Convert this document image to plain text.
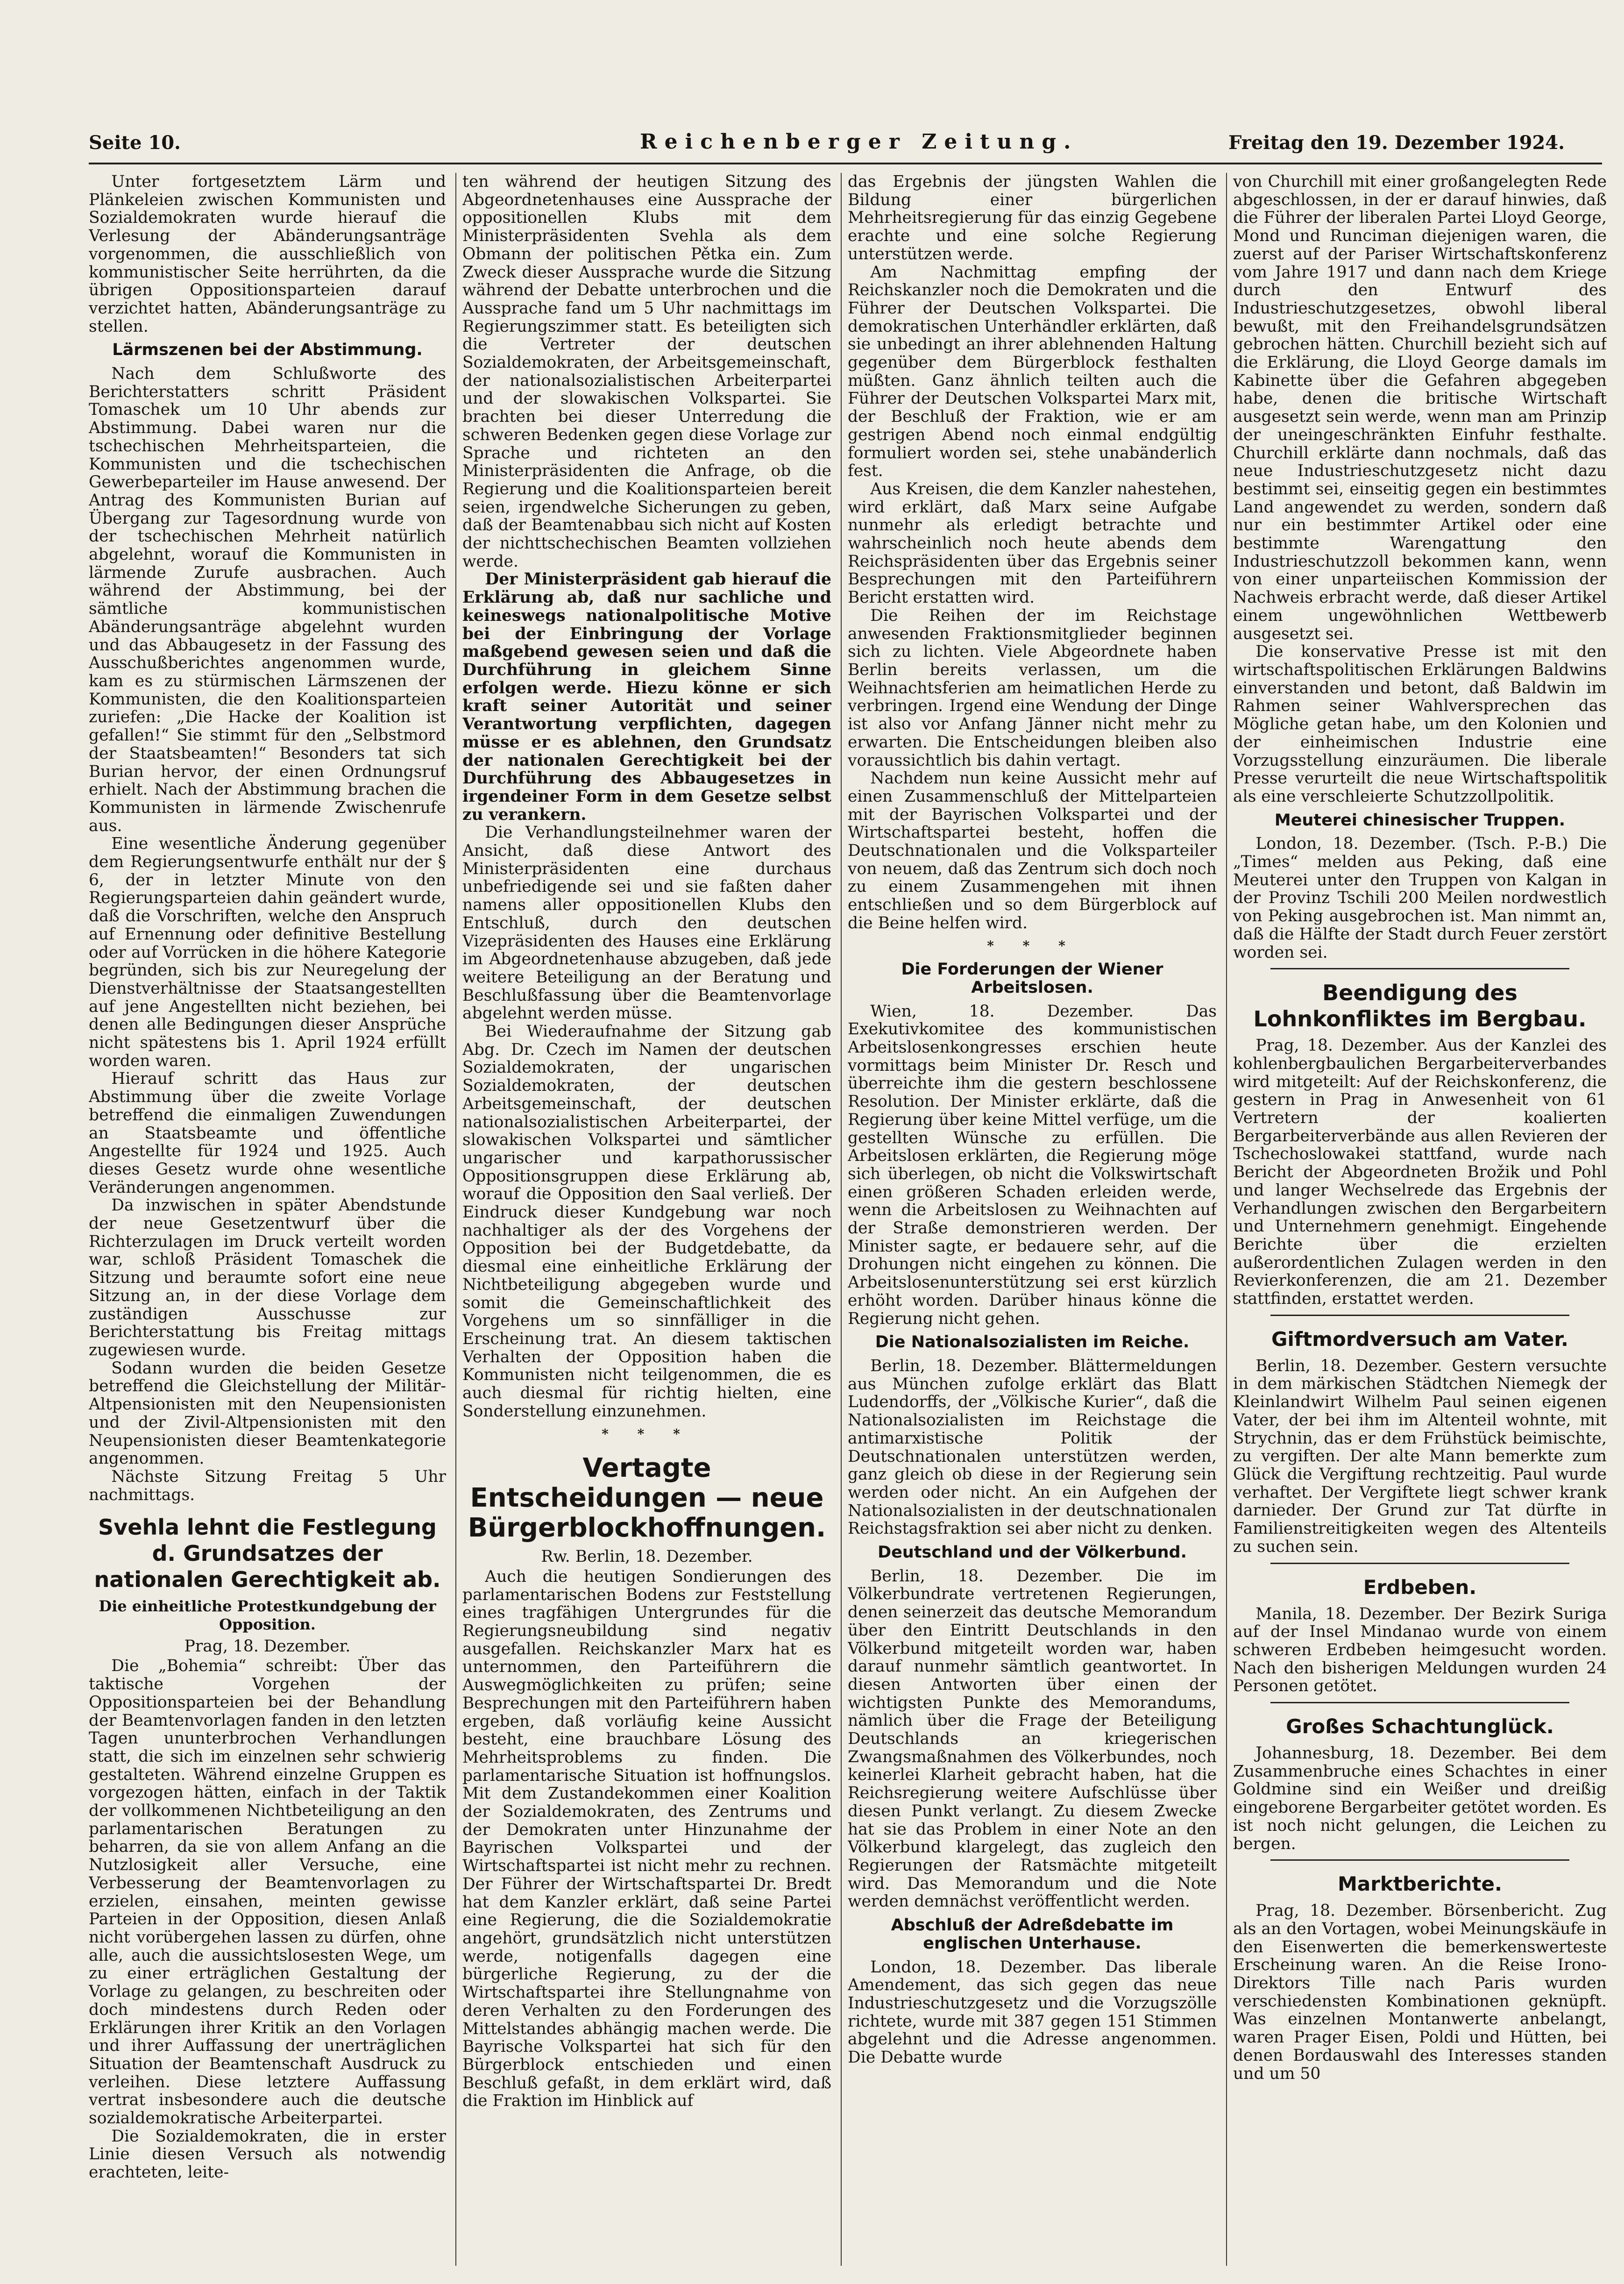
Seite 10.	Reichenberger Zeitung.	Freitag den 19. Dezember 1924.

Unter fortgesetztem Lärm und Plänkeleien zwischen Kommunisten und Sozialdemokraten wurde hierauf die Verlesung der Abänderungsanträge vorgenommen, die ausschließlich von kommunistischer Seite herrührten, da die übrigen Oppositionsparteien darauf verzichtet hatten, Abänderungsanträge zu stellen.

Lärmszenen bei der Abstimmung.

Nach dem Schlußworte des Berichterstatters schritt Präsident Tomaschek um 10 Uhr abends zur Abstimmung. Dabei waren nur die tschechischen Mehrheitsparteien, die Kommunisten und die tschechischen Gewerbeparteiler im Hause anwesend. Der Antrag des Kommunisten Burian auf Übergang zur Tagesordnung wurde von der tschechischen Mehrheit natürlich abgelehnt, worauf die Kommunisten in lärmende Zurufe ausbrachen. Auch während der Abstimmung, bei der sämtliche kommunistischen Abänderungsanträge abgelehnt wurden und das Abbaugesetz in der Fassung des Ausschußberichtes angenommen wurde, kam es zu stürmischen Lärmszenen der Kommunisten, die den Koalitionsparteien zuriefen: „Die Hacke der Koalition ist gefallen!“ Sie stimmt für den „Selbstmord der Staatsbeamten!“ Besonders tat sich Burian hervor, der einen Ordnungsruf erhielt. Nach der Abstimmung brachen die Kommunisten in lärmende Zwischenrufe aus.

Eine wesentliche Änderung gegenüber dem Regierungsentwurfe enthält nur der § 6, der in letzter Minute von den Regierungsparteien dahin geändert wurde, daß die Vorschriften, welche den Anspruch auf Ernennung oder definitive Bestellung oder auf Vorrücken in die höhere Kategorie begründen, sich bis zur Neuregelung der Dienstverhältnisse der Staatsangestellten auf jene Angestellten nicht beziehen, bei denen alle Bedingungen dieser Ansprüche nicht spätestens bis 1. April 1924 erfüllt worden waren.

Hierauf schritt das Haus zur Abstimmung über die zweite Vorlage betreffend die einmaligen Zuwendungen an Staatsbeamte und öffentliche Angestellte für 1924 und 1925. Auch dieses Gesetz wurde ohne wesentliche Veränderungen angenommen.

Da inzwischen in später Abendstunde der neue Gesetzentwurf über die Richterzulagen im Druck verteilt worden war, schloß Präsident Tomaschek die Sitzung und beraumte sofort eine neue Sitzung an, in der diese Vorlage dem zuständigen Ausschusse zur Berichterstattung bis Freitag mittags zugewiesen wurde.

Sodann wurden die beiden Gesetze betreffend die Gleichstellung der Militär-Altpensionisten mit den Neupensionisten und der Zivil-Altpensionisten mit den Neupensionisten dieser Beamtenkategorie angenommen.

Nächste Sitzung Freitag 5 Uhr nachmittags.

Svehla lehnt die Festlegung d. Grundsatzes der nationalen Gerechtigkeit ab.
Die einheitliche Protestkundgebung der Opposition.
Prag, 18. Dezember.

Die „Bohemia“ schreibt: Über das taktische Vorgehen der Oppositionsparteien bei der Behandlung der Beamtenvorlagen fanden in den letzten Tagen ununterbrochen Verhandlungen statt, die sich im einzelnen sehr schwierig gestalteten. Während einzelne Gruppen es vorgezogen hätten, einfach in der Taktik der vollkommenen Nichtbeteiligung an den parlamentarischen Beratungen zu beharren, da sie von allem Anfang an die Nutzlosigkeit aller Versuche, eine Verbesserung der Beamtenvorlagen zu erzielen, einsahen, meinten gewisse Parteien in der Opposition, diesen Anlaß nicht vorübergehen lassen zu dürfen, ohne alle, auch die aussichtslosesten Wege, um zu einer erträglichen Gestaltung der Vorlage zu gelangen, zu beschreiten oder doch mindestens durch Reden oder Erklärungen ihrer Kritik an den Vorlagen und ihrer Auffassung der unerträglichen Situation der Beamtenschaft Ausdruck zu verleihen. Diese letztere Auffassung vertrat insbesondere auch die deutsche sozialdemokratische Arbeiterpartei.

Die Sozialdemokraten, die in erster Linie diesen Versuch als notwendig erachteten, leite-

ten während der heutigen Sitzung des Abgeordnetenhauses eine Aussprache der oppositionellen Klubs mit dem Ministerpräsidenten Svehla als dem Obmann der politischen Pětka ein. Zum Zweck dieser Aussprache wurde die Sitzung während der Debatte unterbrochen und die Aussprache fand um 5 Uhr nachmittags im Regierungszimmer statt. Es beteiligten sich die Vertreter der deutschen Sozialdemokraten, der Arbeitsgemeinschaft, der nationalsozialistischen Arbeiterpartei und der slowakischen Volkspartei. Sie brachten bei dieser Unterredung die schweren Bedenken gegen diese Vorlage zur Sprache und richteten an den Ministerpräsidenten die Anfrage, ob die Regierung und die Koalitionsparteien bereit seien, irgendwelche Sicherungen zu geben, daß der Beamtenabbau sich nicht auf Kosten der nichttschechischen Beamten vollziehen werde.

Der Ministerpräsident gab hierauf die Erklärung ab, daß nur sachliche und keineswegs nationalpolitische Motive bei der Einbringung der Vorlage maßgebend gewesen seien und daß die Durchführung in gleichem Sinne erfolgen werde. Hiezu könne er sich kraft seiner Autorität und seiner Verantwortung verpflichten, dagegen müsse er es ablehnen, den Grundsatz der nationalen Gerechtigkeit bei der Durchführung des Abbaugesetzes in irgendeiner Form in dem Gesetze selbst zu verankern.

Die Verhandlungsteilnehmer waren der Ansicht, daß diese Antwort des Ministerpräsidenten eine durchaus unbefriedigende sei und sie faßten daher namens aller oppositionellen Klubs den Entschluß, durch den deutschen Vizepräsidenten des Hauses eine Erklärung im Abgeordnetenhause abzugeben, daß jede weitere Beteiligung an der Beratung und Beschlußfassung über die Beamtenvorlage abgelehnt werden müsse.

Bei Wiederaufnahme der Sitzung gab Abg. Dr. Czech im Namen der deutschen Sozialdemokraten, der ungarischen Sozialdemokraten, der deutschen Arbeitsgemeinschaft, der deutschen nationalsozialistischen Arbeiterpartei, der slowakischen Volkspartei und sämtlicher ungarischer und karpathorussischer Oppositionsgruppen diese Erklärung ab, worauf die Opposition den Saal verließ. Der Eindruck dieser Kundgebung war noch nachhaltiger als der des Vorgehens der Opposition bei der Budgetdebatte, da diesmal eine einheitliche Erklärung der Nichtbeteiligung abgegeben wurde und somit die Gemeinschaftlichkeit des Vorgehens um so sinnfälliger in die Erscheinung trat. An diesem taktischen Verhalten der Opposition haben die Kommunisten nicht teilgenommen, die es auch diesmal für richtig hielten, eine Sonderstellung einzunehmen.

* * *
Vertagte Entscheidungen — neue Bürgerblockhoffnungen.
Rw. Berlin, 18. Dezember.

Auch die heutigen Sondierungen des parlamentarischen Bodens zur Feststellung eines tragfähigen Untergrundes für die Regierungsneubildung sind negativ ausgefallen. Reichskanzler Marx hat es unternommen, den Parteiführern die Auswegmöglichkeiten zu prüfen; seine Besprechungen mit den Parteiführern haben ergeben, daß vorläufig keine Aussicht besteht, eine brauchbare Lösung des Mehrheitsproblems zu finden. Die parlamentarische Situation ist hoffnungslos. Mit dem Zustandekommen einer Koalition der Sozialdemokraten, des Zentrums und der Demokraten unter Hinzunahme der Bayrischen Volkspartei und der Wirtschaftspartei ist nicht mehr zu rechnen. Der Führer der Wirtschaftspartei Dr. Bredt hat dem Kanzler erklärt, daß seine Partei eine Regierung, die die Sozialdemokratie angehört, grundsätzlich nicht unterstützen werde, notigenfalls dagegen eine bürgerliche Regierung, zu der die Wirtschaftspartei ihre Stellungnahme von deren Verhalten zu den Forderungen des Mittelstandes abhängig machen werde. Die Bayrische Volkspartei hat sich für den Bürgerblock entschieden und einen Beschluß gefaßt, in dem erklärt wird, daß die Fraktion im Hinblick auf

das Ergebnis der jüngsten Wahlen die Bildung einer bürgerlichen Mehrheitsregierung für das einzig Gegebene erachte und eine solche Regierung unterstützen werde.

Am Nachmittag empfing der Reichskanzler noch die Demokraten und die Führer der Deutschen Volkspartei. Die demokratischen Unterhändler erklärten, daß sie unbedingt an ihrer ablehnenden Haltung gegenüber dem Bürgerblock festhalten müßten. Ganz ähnlich teilten auch die Führer der Deutschen Volkspartei Marx mit, der Beschluß der Fraktion, wie er am gestrigen Abend noch einmal endgültig formuliert worden sei, stehe unabänderlich fest.

Aus Kreisen, die dem Kanzler nahestehen, wird erklärt, daß Marx seine Aufgabe nunmehr als erledigt betrachte und wahrscheinlich noch heute abends dem Reichspräsidenten über das Ergebnis seiner Besprechungen mit den Parteiführern Bericht erstatten wird.

Die Reihen der im Reichstage anwesenden Fraktionsmitglieder beginnen sich zu lichten. Viele Abgeordnete haben Berlin bereits verlassen, um die Weihnachtsferien am heimatlichen Herde zu verbringen. Irgend eine Wendung der Dinge ist also vor Anfang Jänner nicht mehr zu erwarten. Die Entscheidungen bleiben also voraussichtlich bis dahin vertagt.

Nachdem nun keine Aussicht mehr auf einen Zusammenschluß der Mittelparteien mit der Bayrischen Volkspartei und der Wirtschaftspartei besteht, hoffen die Deutschnationalen und die Volksparteiler von neuem, daß das Zentrum sich doch noch zu einem Zusammengehen mit ihnen entschließen und so dem Bürgerblock auf die Beine helfen wird.

* * *
Die Forderungen der Wiener Arbeitslosen.

Wien, 18. Dezember. Das Exekutivkomitee des kommunistischen Arbeitslosenkongresses erschien heute vormittags beim Minister Dr. Resch und überreichte ihm die gestern beschlossene Resolution. Der Minister erklärte, daß die Regierung über keine Mittel verfüge, um die gestellten Wünsche zu erfüllen. Die Arbeitslosen erklärten, die Regierung möge sich überlegen, ob nicht die Volkswirtschaft einen größeren Schaden erleiden werde, wenn die Arbeitslosen zu Weihnachten auf der Straße demonstrieren werden. Der Minister sagte, er bedauere sehr, auf die Drohungen nicht eingehen zu können. Die Arbeitslosenunterstützung sei erst kürzlich erhöht worden. Darüber hinaus könne die Regierung nicht gehen.

Die Nationalsozialisten im Reiche.

Berlin, 18. Dezember. Blättermeldungen aus München zufolge erklärt das Blatt Ludendorffs, der „Völkische Kurier“, daß die Nationalsozialisten im Reichstage die antimarxistische Politik der Deutschnationalen unterstützen werden, ganz gleich ob diese in der Regierung sein werden oder nicht. An ein Aufgehen der Nationalsozialisten in der deutschnationalen Reichstagsfraktion sei aber nicht zu denken.

Deutschland und der Völkerbund.

Berlin, 18. Dezember. Die im Völkerbundrate vertretenen Regierungen, denen seinerzeit das deutsche Memorandum über den Eintritt Deutschlands in den Völkerbund mitgeteilt worden war, haben darauf nunmehr sämtlich geantwortet. In diesen Antworten über einen der wichtigsten Punkte des Memorandums, nämlich über die Frage der Beteiligung Deutschlands an kriegerischen Zwangsmaßnahmen des Völkerbundes, noch keinerlei Klarheit gebracht haben, hat die Reichsregierung weitere Aufschlüsse über diesen Punkt verlangt. Zu diesem Zwecke hat sie das Problem in einer Note an den Völkerbund klargelegt, das zugleich den Regierungen der Ratsmächte mitgeteilt wird. Das Memorandum und die Note werden demnächst veröffentlicht werden.

Abschluß der Adreßdebatte im englischen Unterhause.

London, 18. Dezember. Das liberale Amendement, das sich gegen das neue Industrieschutzgesetz und die Vorzugszölle richtete, wurde mit 387 gegen 151 Stimmen abgelehnt und die Adresse angenommen. Die Debatte wurde

von Churchill mit einer großangelegten Rede abgeschlossen, in der er darauf hinwies, daß die Führer der liberalen Partei Lloyd George, Mond und Runciman diejenigen waren, die zuerst auf der Pariser Wirtschaftskonferenz vom Jahre 1917 und dann nach dem Kriege durch den Entwurf des Industrieschutzgesetzes, obwohl liberal bewußt, mit den Freihandelsgrundsätzen gebrochen hätten. Churchill bezieht sich auf die Erklärung, die Lloyd George damals im Kabinette über die Gefahren abgegeben habe, denen die britische Wirtschaft ausgesetzt sein werde, wenn man am Prinzip der uneingeschränkten Einfuhr festhalte. Churchill erklärte dann nochmals, daß das neue Industrieschutzgesetz nicht dazu bestimmt sei, einseitig gegen ein bestimmtes Land angewendet zu werden, sondern daß nur ein bestimmter Artikel oder eine bestimmte Warengattung den Industrieschutzzoll bekommen kann, wenn von einer unparteiischen Kommission der Nachweis erbracht werde, daß dieser Artikel einem ungewöhnlichen Wettbewerb ausgesetzt sei.

Die konservative Presse ist mit den wirtschaftspolitischen Erklärungen Baldwins einverstanden und betont, daß Baldwin im Rahmen seiner Wahlversprechen das Mögliche getan habe, um den Kolonien und der einheimischen Industrie eine Vorzugsstellung einzuräumen. Die liberale Presse verurteilt die neue Wirtschaftspolitik als eine verschleierte Schutzzollpolitik.

Meuterei chinesischer Truppen.

London, 18. Dezember. (Tsch. P.-B.) Die „Times“ melden aus Peking, daß eine Meuterei unter den Truppen von Kalgan in der Provinz Tschili 200 Meilen nordwestlich von Peking ausgebrochen ist. Man nimmt an, daß die Hälfte der Stadt durch Feuer zerstört worden sei.

Beendigung des Lohnkonfliktes im Bergbau.

Prag, 18. Dezember. Aus der Kanzlei des kohlenbergbaulichen Bergarbeiterverbandes wird mitgeteilt: Auf der Reichskonferenz, die gestern in Prag in Anwesenheit von 61 Vertretern der koalierten Bergarbeiterverbände aus allen Revieren der Tschechoslowakei stattfand, wurde nach Bericht der Abgeordneten Brožik und Pohl und langer Wechselrede das Ergebnis der Verhandlungen zwischen den Bergarbeitern und Unternehmern genehmigt. Eingehende Berichte über die erzielten außerordentlichen Zulagen werden in den Revierkonferenzen, die am 21. Dezember stattfinden, erstattet werden.

Giftmordversuch am Vater.

Berlin, 18. Dezember. Gestern versuchte in dem märkischen Städtchen Niemegk der Kleinlandwirt Wilhelm Paul seinen eigenen Vater, der bei ihm im Altenteil wohnte, mit Strychnin, das er dem Frühstück beimischte, zu vergiften. Der alte Mann bemerkte zum Glück die Vergiftung rechtzeitig. Paul wurde verhaftet. Der Vergiftete liegt schwer krank darnieder. Der Grund zur Tat dürfte in Familienstreitigkeiten wegen des Altenteils zu suchen sein.

Erdbeben.

Manila, 18. Dezember. Der Bezirk Suriga auf der Insel Mindanao wurde von einem schweren Erdbeben heimgesucht worden. Nach den bisherigen Meldungen wurden 24 Personen getötet.

Großes Schachtunglück.

Johannesburg, 18. Dezember. Bei dem Zusammenbruche eines Schachtes in einer Goldmine sind ein Weißer und dreißig eingeborene Bergarbeiter getötet worden. Es ist noch nicht gelungen, die Leichen zu bergen.

Marktberichte.

Prag, 18. Dezember. Börsenbericht. Zug als an den Vortagen, wobei Meinungskäufe in den Eisenwerten die bemerkenswerteste Erscheinung waren. An die Reise Irono-Direktors Tille nach Paris wurden verschiedensten Kombinationen geknüpft. Was einzelnen Montanwerte anbelangt, waren Prager Eisen, Poldi und Hütten, bei denen Bordauswahl des Interesses standen und um 50
